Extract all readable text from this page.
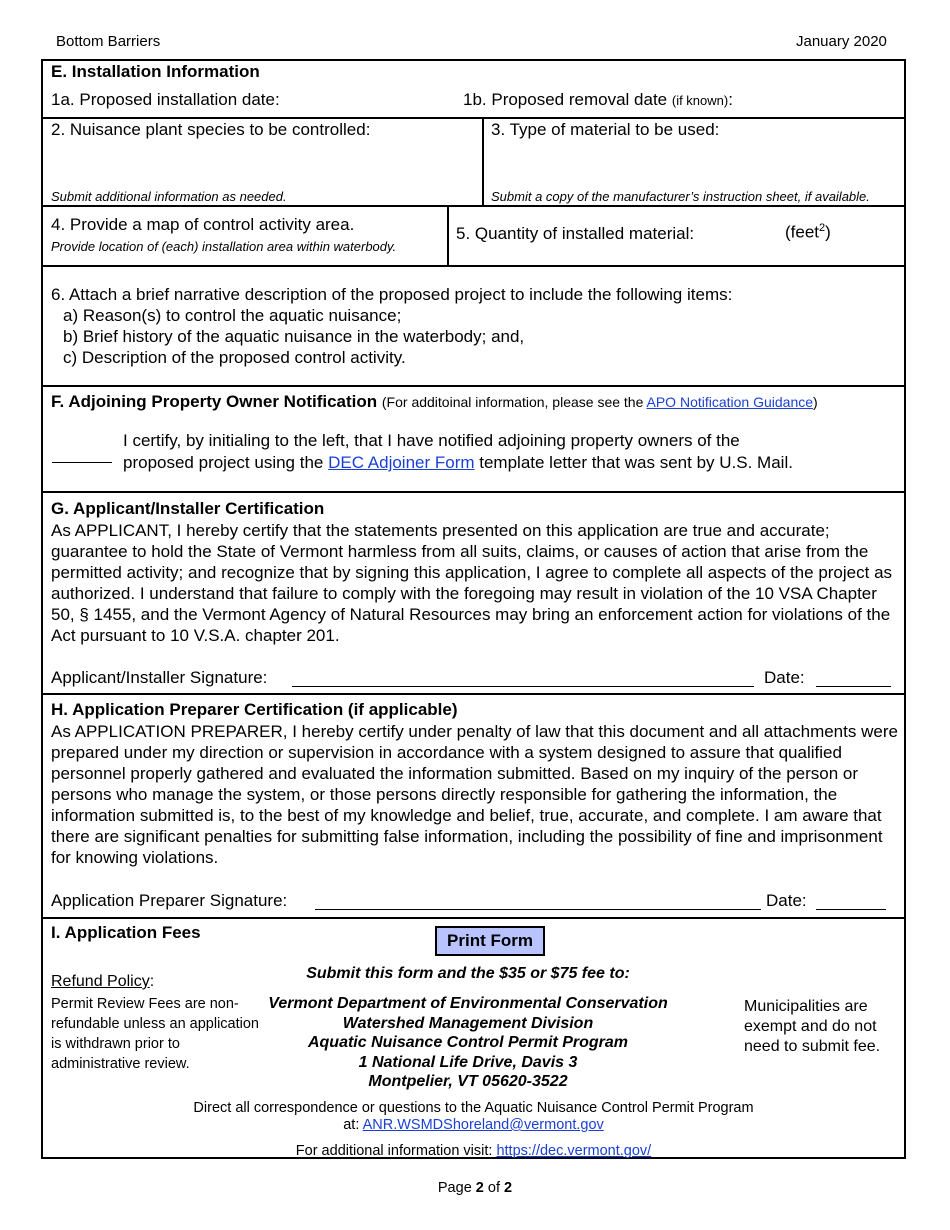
Bottom Barriers	January 2020
E. Installation Information
1a. Proposed installation date:	1b. Proposed removal date (if known):
2. Nuisance plant species to be controlled:
Submit additional information as needed.
3. Type of material to be used:
Submit a copy of the manufacturer’s instruction sheet, if available.
4. Provide a map of control activity area.
Provide location of (each) installation area within waterbody.
5. Quantity of installed material:	(feet$^2$)
6. Attach a brief narrative description of the proposed project to include the following items:
a) Reason(s) to control the aquatic nuisance;
b) Brief history of the aquatic nuisance in the waterbody; and,
c) Description of the proposed control activity.
F. Adjoining Property Owner Notification (For additoinal information, please see the APO Notification Guidance)
I certify, by initialing to the left, that I have notified adjoining property owners of the
proposed project using the DEC Adjoiner Form template letter that was sent by U.S. Mail.
G. Applicant/Installer Certification
As APPLICANT, I hereby certify that the statements presented on this application are true and accurate; guarantee to hold the State of Vermont harmless from all suits, claims, or causes of action that arise from the permitted activity; and recognize that by signing this application, I agree to complete all aspects of the project as authorized. I understand that failure to comply with the foregoing may result in violation of the 10 VSA Chapter 50, § 1455, and the Vermont Agency of Natural Resources may bring an enforcement action for violations of the Act pursuant to 10 V.S.A. chapter 201.
Applicant/Installer Signature:	Date:
H. Application Preparer Certification (if applicable)
As APPLICATION PREPARER, I hereby certify under penalty of law that this document and all attachments were prepared under my direction or supervision in accordance with a system designed to assure that qualified personnel properly gathered and evaluated the information submitted. Based on my inquiry of the person or persons who manage the system, or those persons directly responsible for gathering the information, the information submitted is, to the best of my knowledge and belief, true, accurate, and complete. I am aware that there are significant penalties for submitting false information, including the possibility of fine and imprisonment for knowing violations.
Application Preparer Signature:	Date:
I. Application Fees	Print Form
Refund Policy:
Permit Review Fees are non-refundable unless an application is withdrawn prior to administrative review.
Submit this form and the $35 or $75 fee to:
Vermont Department of Environmental Conservation
Watershed Management Division
Aquatic Nuisance Control Permit Program
1 National Life Drive, Davis 3
Montpelier, VT 05620-3522
Municipalities are exempt and do not need to submit fee.
Direct all correspondence or questions to the Aquatic Nuisance Control Permit Program
at: ANR.WSMDShoreland@vermont.gov
For additional information visit: https://dec.vermont.gov/
Page 2 of 2
